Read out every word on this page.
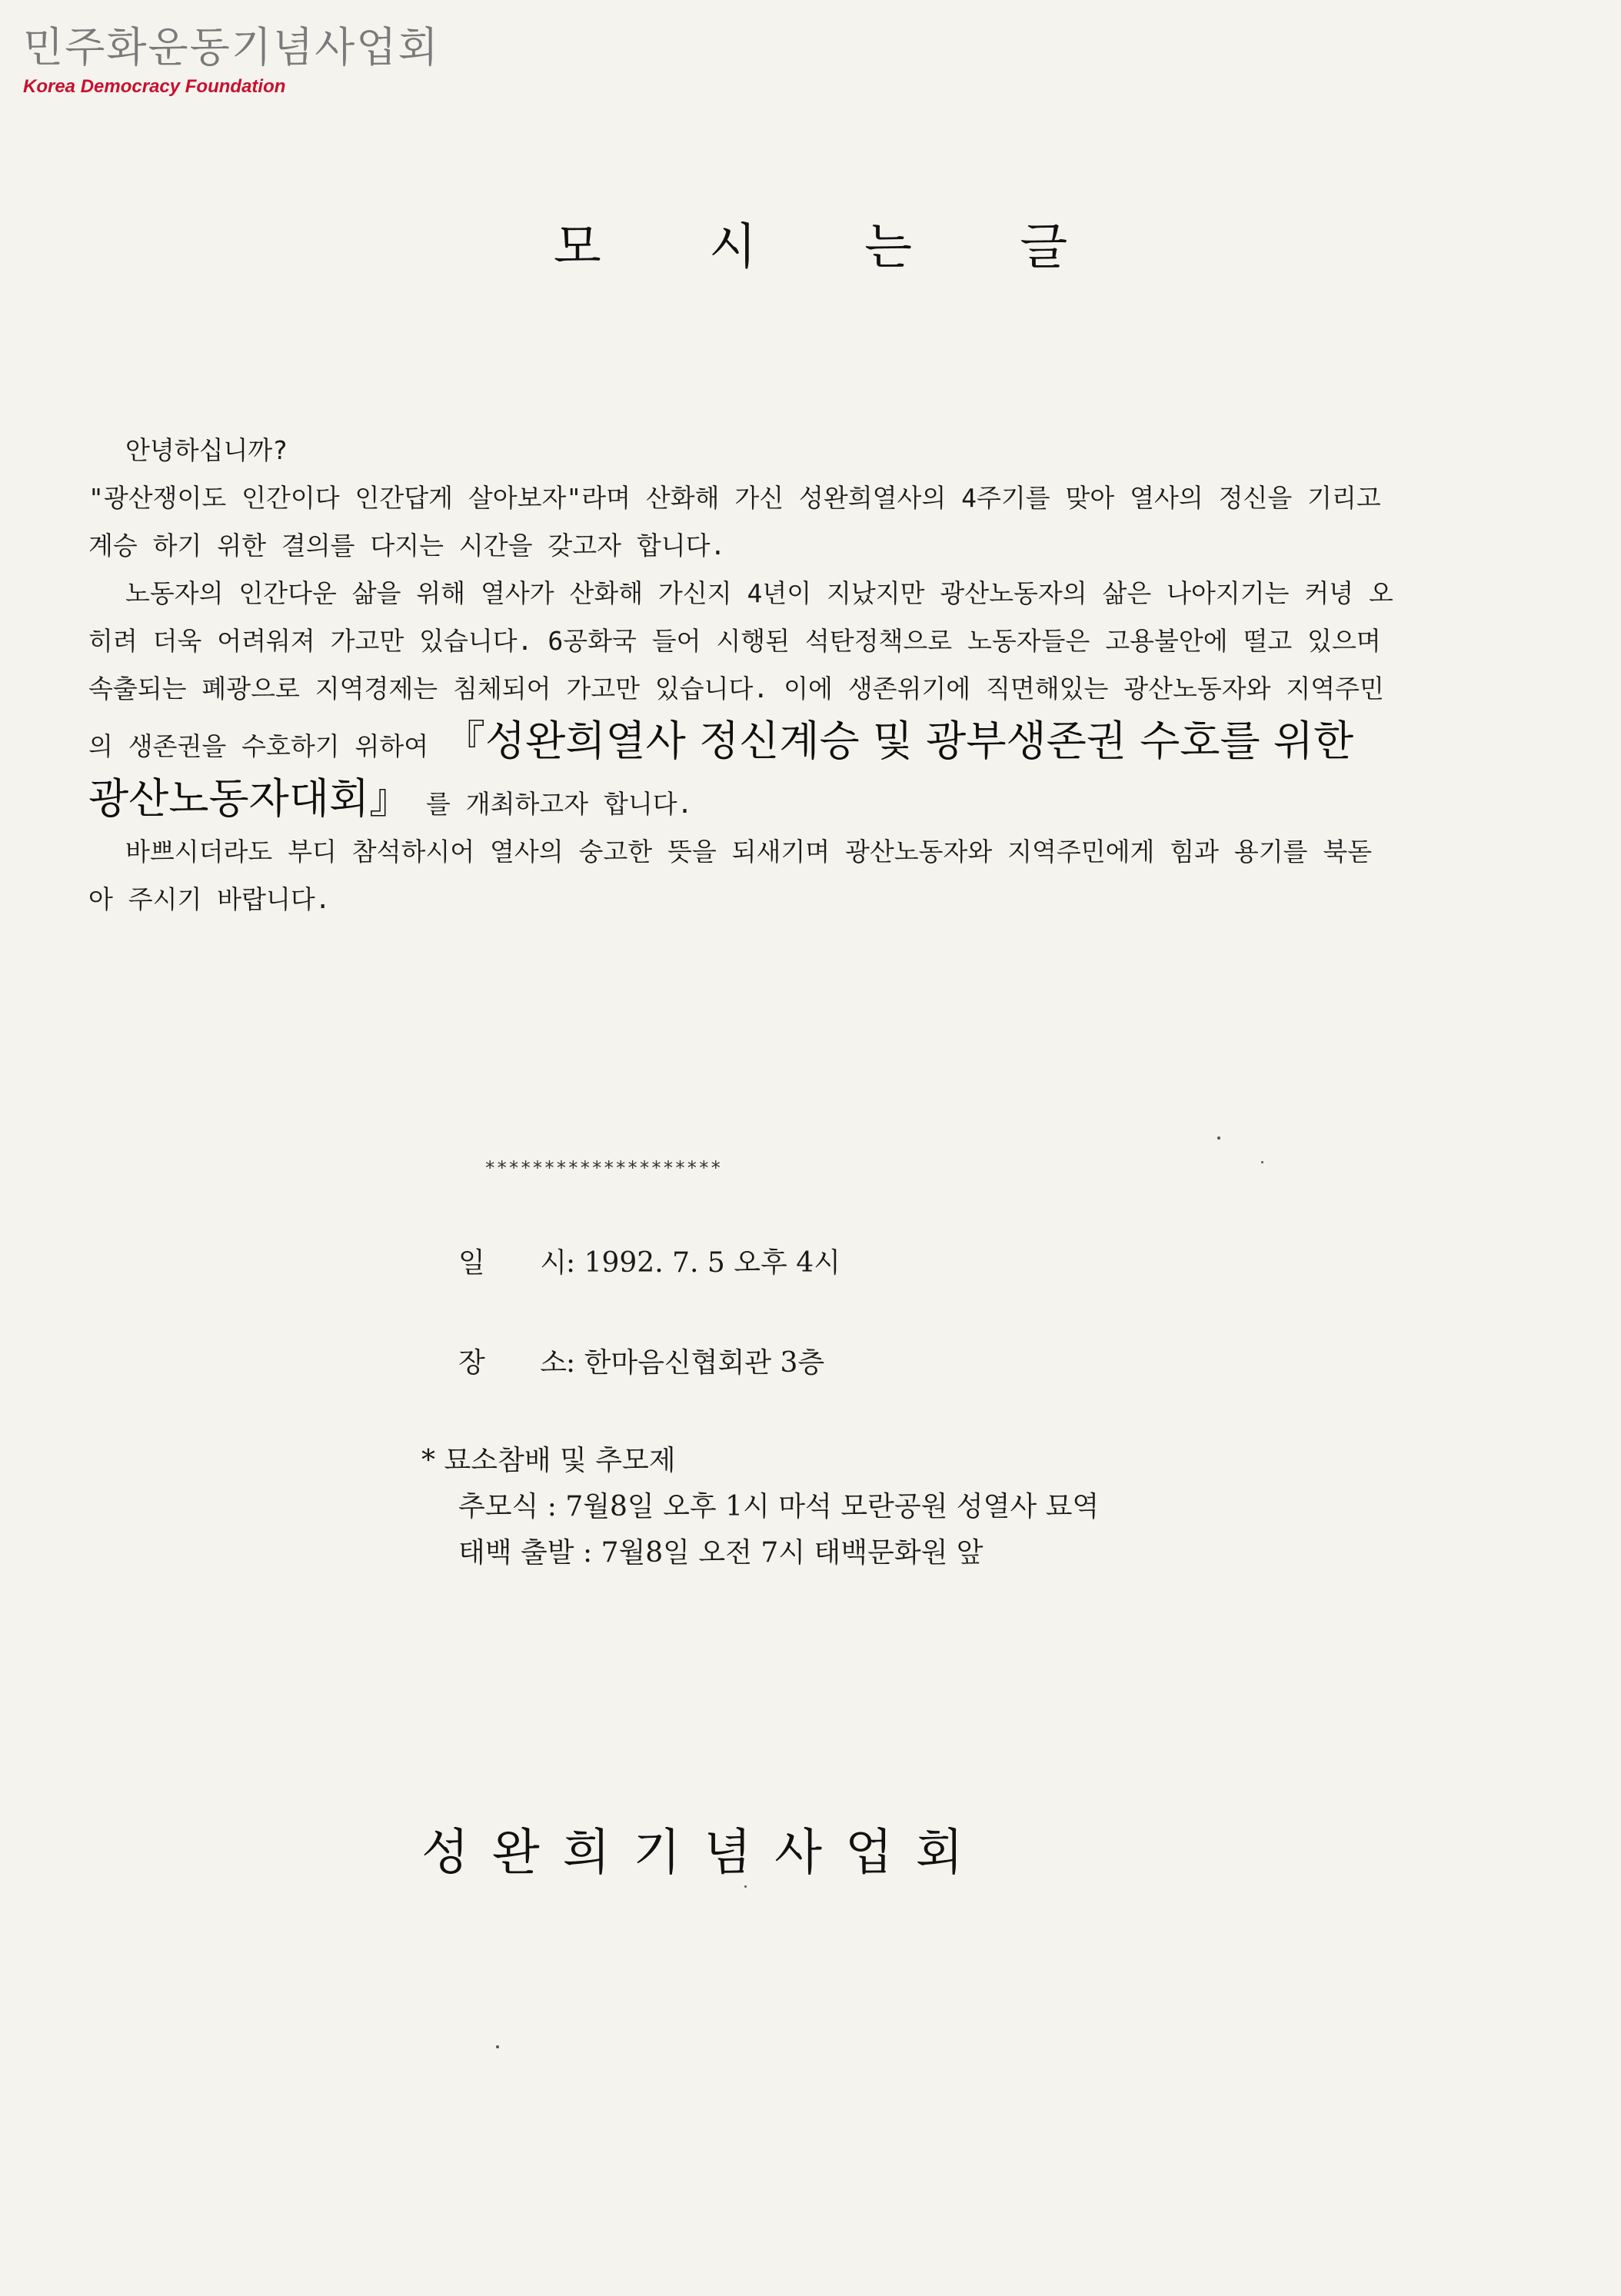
민주화운동기념사업회
Korea Democracy Foundation
모 시 는 글

안녕하십니까?

"광산쟁이도 인간이다 인간답게 살아보자"라며 산화해 가신 성완희열사의 4주기를 맞아 열사의 정신을 기리고 계승 하기 위한 결의를 다지는 시간을 갖고자 합니다.

노동자의 인간다운 삶을 위해 열사가 산화해 가신지 4년이 지났지만 광산노동자의 삶은 나아지기는 커녕 오히려 더욱 어려워져 가고만 있습니다. 6공화국 들어 시행된 석탄정책으로 노동자들은 고용불안에 떨고 있으며 속출되는 폐광으로 지역경제는 침체되어 가고만 있습니다. 이에 생존위기에 직면해있는 광산노동자와 지역주민의 생존권을 수호하기 위하여 『성완희열사 정신계승 및 광부생존권 수호를 위한 광산노동자대회』 를 개최하고자 합니다.

바쁘시더라도 부디 참석하시어 열사의 숭고한 뜻을 되새기며 광산노동자와 지역주민에게 힘과 용기를 북돋아 주시기 바랍니다.

********************
일 시: 1992. 7. 5 오후 4시
장 소: 한마음신협회관 3층
* 묘소참배 및 추모제
추모식 : 7월8일 오후 1시 마석 모란공원 성열사 묘역
태백 출발 : 7월8일 오전 7시 태백문화원 앞
성완희기념사업회
